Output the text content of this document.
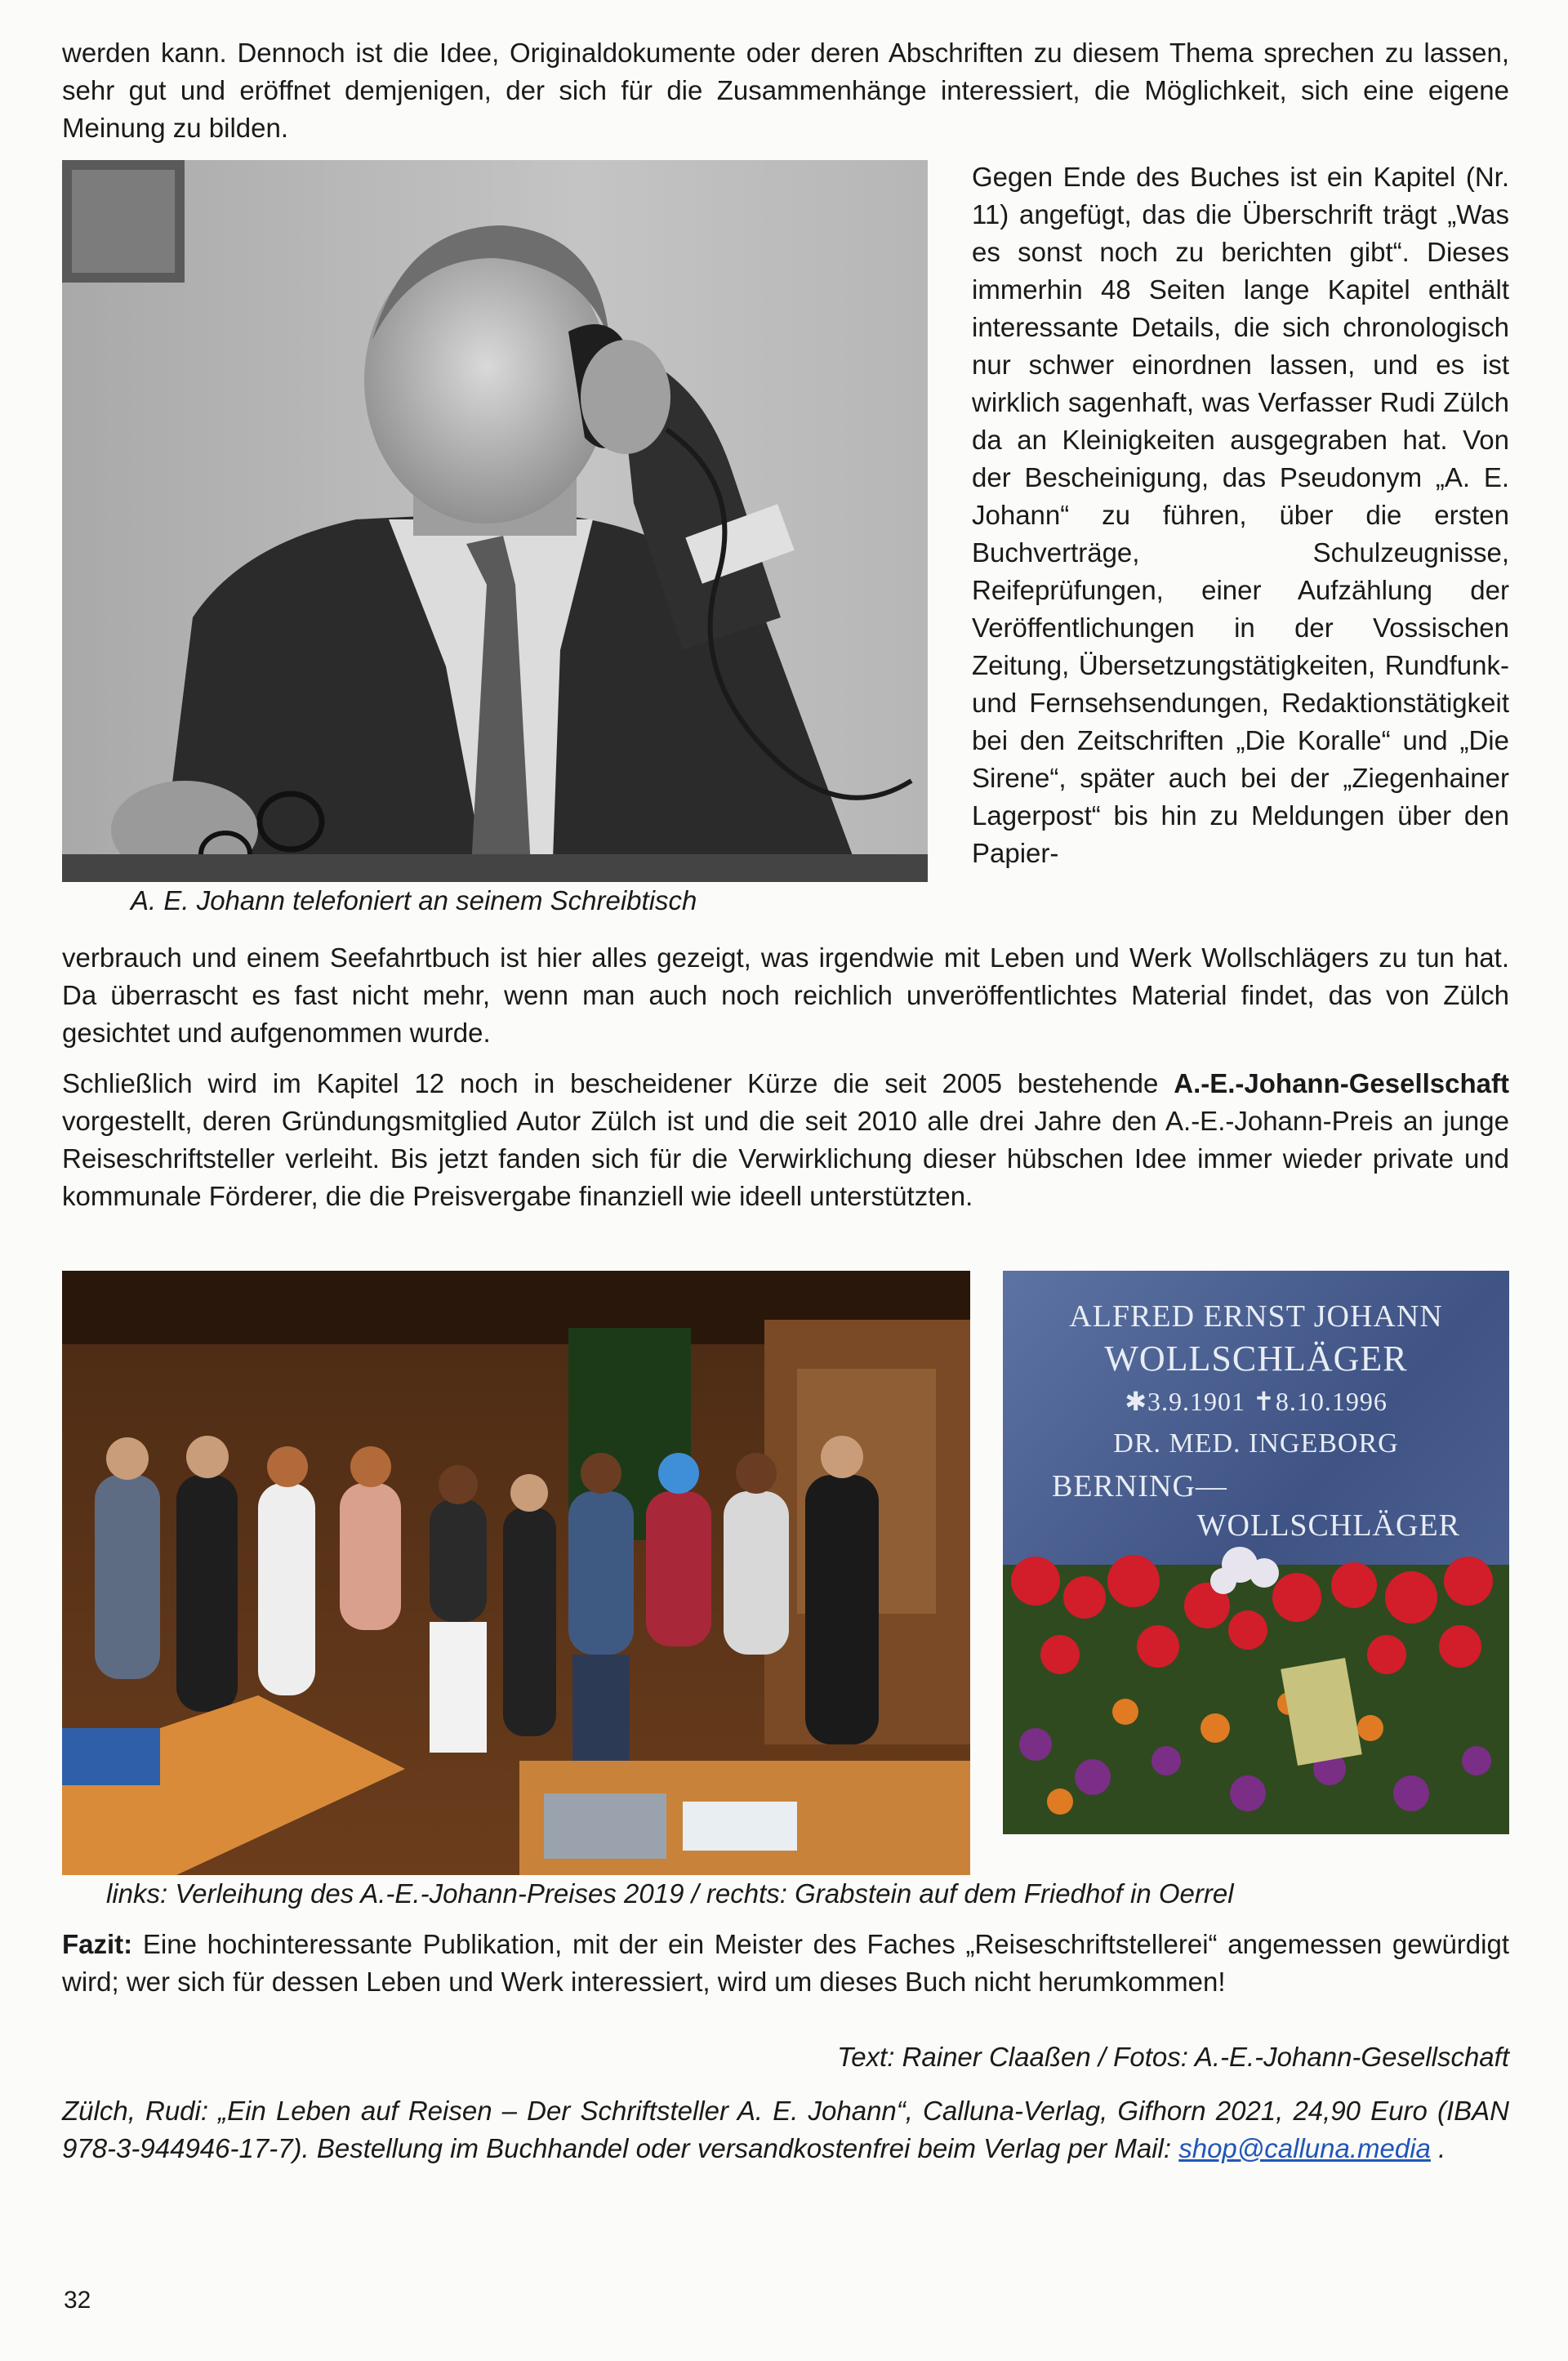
werden kann. Dennoch ist die Idee, Originaldokumente oder deren Abschriften zu diesem Thema sprechen zu lassen, sehr gut und eröffnet demjenigen, der sich für die Zusammenhänge interessiert, die Möglichkeit, sich eine eigene Meinung zu bilden.

A. E. Johann telefoniert an seinem Schreibtisch

Gegen Ende des Buches ist ein Kapitel (Nr. 11) angefügt, das die Überschrift trägt „Was es sonst noch zu berichten gibt“. Dieses immerhin 48 Seiten lange Kapitel enthält interessante Details, die sich chronologisch nur schwer einordnen lassen, und es ist wirklich sagenhaft, was Verfasser Rudi Zülch da an Kleinigkeiten ausgegraben hat. Von der Bescheinigung, das Pseudonym „A. E. Johann“ zu führen, über die ersten Buchverträge, Schulzeugnisse, Reifeprüfungen, einer Aufzählung der Veröffentlichungen in der Vossischen Zeitung, Übersetzungstätigkeiten, Rundfunk- und Fernsehsendungen, Redaktionstätigkeit bei den Zeitschriften „Die Koralle“ und „Die Sirene“, später auch bei der „Ziegenhainer Lagerpost“ bis hin zu Meldungen über den Papier-

verbrauch und einem Seefahrtbuch ist hier alles gezeigt, was irgendwie mit Leben und Werk Wollschlägers zu tun hat. Da überrascht es fast nicht mehr, wenn man auch noch reichlich unveröffentlichtes Material findet, das von Zülch gesichtet und aufgenommen wurde.

Schließlich wird im Kapitel 12 noch in bescheidener Kürze die seit 2005 bestehende A.-E.-Johann-Gesellschaft vorgestellt, deren Gründungsmitglied Autor Zülch ist und die seit 2010 alle drei Jahre den A.-E.-Johann-Preis an junge Reiseschriftsteller verleiht. Bis jetzt fanden sich für die Verwirklichung dieser hübschen Idee immer wieder private und kommunale Förderer, die die Preisvergabe finanziell wie ideell unterstützten.

ALFRED ERNST JOHANN
WOLLSCHLÄGER
✱3.9.1901 ✝8.10.1996
DR. MED. INGEBORG
BERNING—
WOLLSCHLÄGER
links: Verleihung des A.-E.-Johann-Preises 2019 / rechts: Grabstein auf dem Friedhof in Oerrel

Fazit: Eine hochinteressante Publikation, mit der ein Meister des Faches „Reiseschriftstellerei“ angemessen gewürdigt wird; wer sich für dessen Leben und Werk interessiert, wird um dieses Buch nicht herumkommen!

Text: Rainer Claaßen / Fotos: A.-E.-Johann-Gesellschaft

Zülch, Rudi: „Ein Leben auf Reisen – Der Schriftsteller A. E. Johann“, Calluna-Verlag, Gifhorn 2021, 24,90 Euro (IBAN 978-3-944946-17-7). Bestellung im Buchhandel oder versandkostenfrei beim Verlag per Mail: shop@calluna.media .

32
